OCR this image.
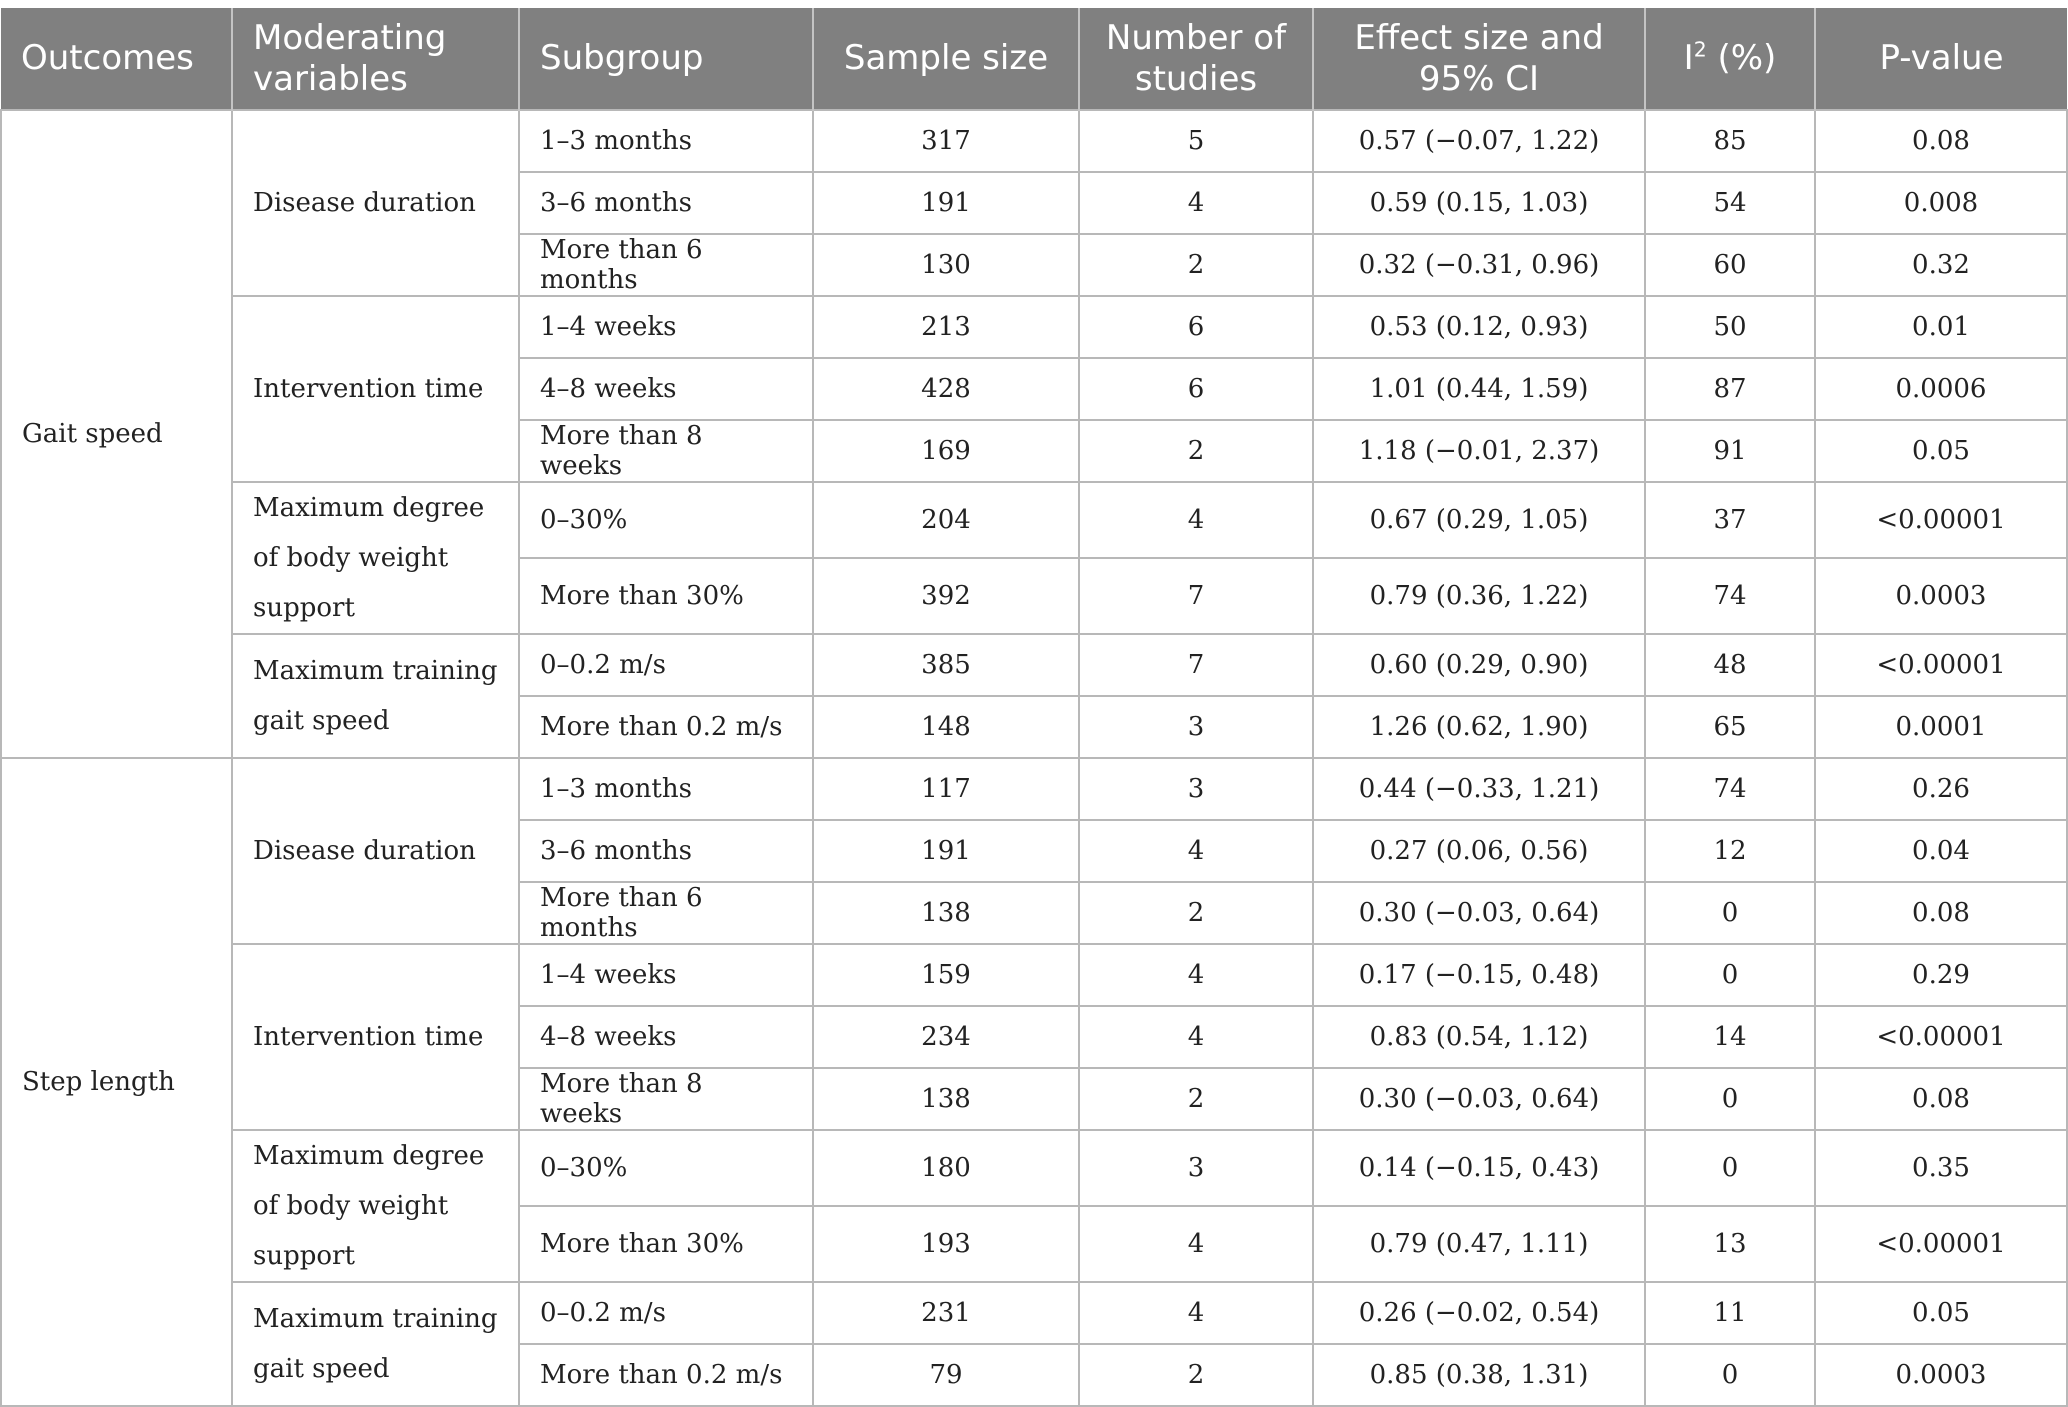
Outcomes	Moderating variables	Subgroup	Sample size	Number of studies	Effect size and 95% CI	$I^2$ (%)	P-value
Gait speed	Disease duration	1–3 months	317	5	0.57 (−0.07, 1.22)	85	0.08
		3–6 months	191	4	0.59 (0.15, 1.03)	54	0.008
		More than 6 months	130	2	0.32 (−0.31, 0.96)	60	0.32
	Intervention time	1–4 weeks	213	6	0.53 (0.12, 0.93)	50	0.01
		4–8 weeks	428	6	1.01 (0.44, 1.59)	87	0.0006
		More than 8 weeks	169	2	1.18 (−0.01, 2.37)	91	0.05
	Maximum degree of body weight support	0–30%	204	4	0.67 (0.29, 1.05)	37	<0.00001
		More than 30%	392	7	0.79 (0.36, 1.22)	74	0.0003
	Maximum training gait speed	0–0.2 m/s	385	7	0.60 (0.29, 0.90)	48	<0.00001
		More than 0.2 m/s	148	3	1.26 (0.62, 1.90)	65	0.0001
Step length	Disease duration	1–3 months	117	3	0.44 (−0.33, 1.21)	74	0.26
		3–6 months	191	4	0.27 (0.06, 0.56)	12	0.04
		More than 6 months	138	2	0.30 (−0.03, 0.64)	0	0.08
	Intervention time	1–4 weeks	159	4	0.17 (−0.15, 0.48)	0	0.29
		4–8 weeks	234	4	0.83 (0.54, 1.12)	14	<0.00001
		More than 8 weeks	138	2	0.30 (−0.03, 0.64)	0	0.08
	Maximum degree of body weight support	0–30%	180	3	0.14 (−0.15, 0.43)	0	0.35
		More than 30%	193	4	0.79 (0.47, 1.11)	13	<0.00001
	Maximum training gait speed	0–0.2 m/s	231	4	0.26 (−0.02, 0.54)	11	0.05
		More than 0.2 m/s	79	2	0.85 (0.38, 1.31)	0	0.0003
